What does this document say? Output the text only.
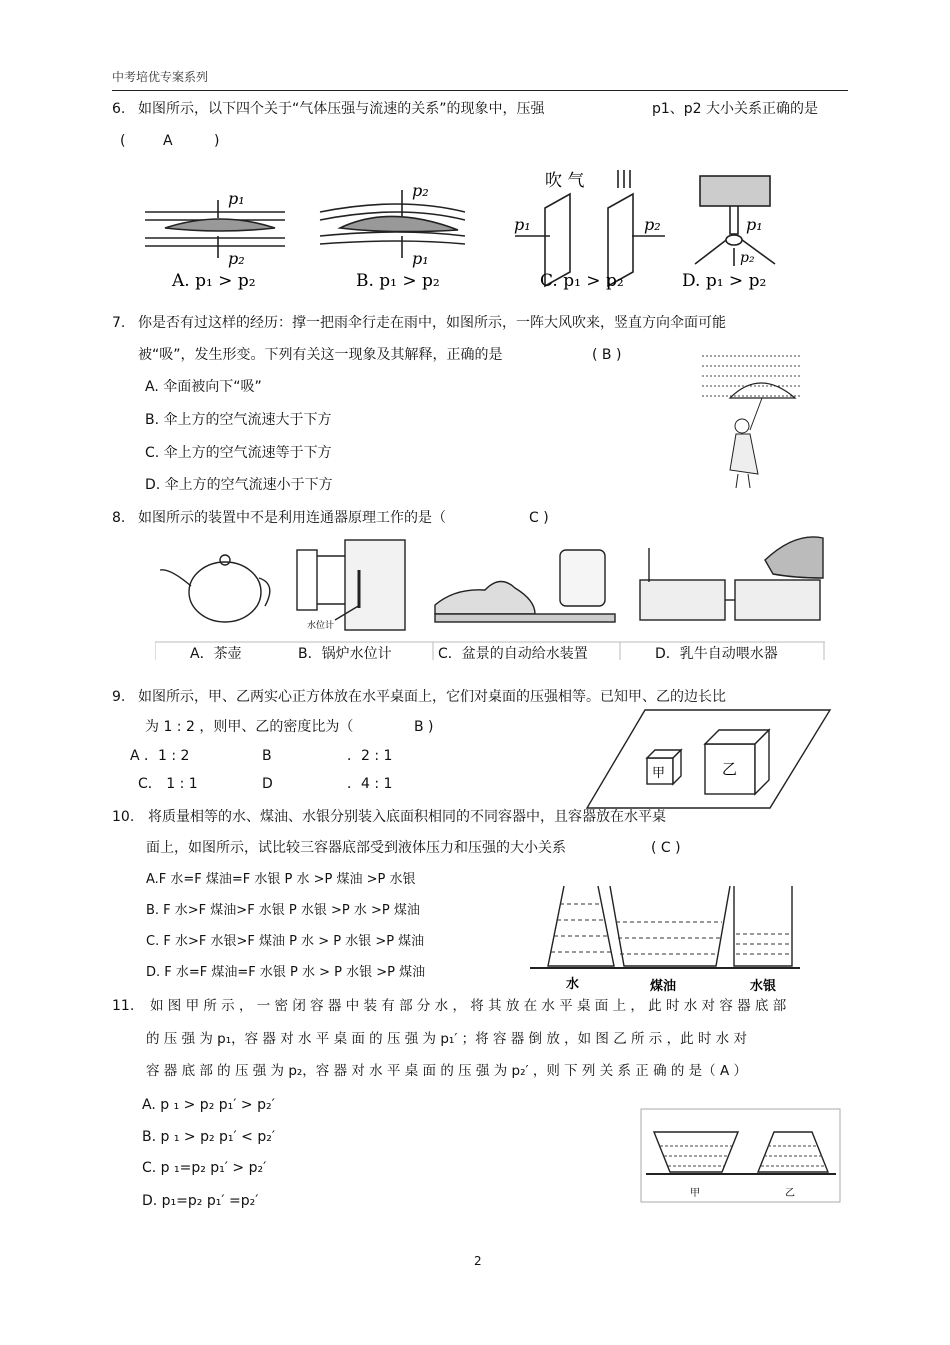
中考培优专案系列
6. 如图所示，以下四个关于“气体压强与流速的关系”的现象中，压强	p1、p2 大小关系正确的是
(	A	)
p₁
p₂
A. p₁ > p₂
p₂
p₁
B. p₁ > p₂
吹 气
p₁	p₂
C. p₁ > p₂
p₁
p₂
D. p₁ > p₂
7. 你是否有过这样的经历：撑一把雨伞行走在雨中，如图所示，一阵大风吹来，竖直方向伞面可能
被“吸”，发生形变。下列有关这一现象及其解释，正确的是	( B )
A. 伞面被向下“吸”
B. 伞上方的空气流速大于下方
C. 伞上方的空气流速等于下方
D. 伞上方的空气流速小于下方
8. 如图所示的装置中不是利用连通器原理工作的是（	C )
水位计
A．茶壶	B．锅炉水位计	C．盆景的自动给水装置	D．乳牛自动喂水器
9. 如图所示，甲、乙两实心正方体放在水平桌面上，它们对桌面的压强相等。已知甲、乙的边长比
为 1 : 2 ，则甲、乙的密度比为（	B )
A ．1 : 2	B	．2 : 1
C． 1 : 1	D	．4 : 1
甲	乙
10. 将质量相等的水、煤油、水银分别装入底面积相同的不同容器中，且容器放在水平桌
面上，如图所示，试比较三容器底部受到液体压力和压强的大小关系	( C )
A.F 水=F 煤油=F 水银 P 水 >P 煤油 >P 水银
B. F 水>F 煤油>F 水银 P 水银 >P 水 >P 煤油
C. F 水>F 水银>F 煤油 P 水 > P 水银 >P 煤油
D. F 水=F 煤油=F 水银 P 水 > P 水银 >P 煤油
水	煤油	水银
11. 如 图 甲 所 示 ， 一 密 闭 容 器 中 装 有 部 分 水 ， 将 其 放 在 水 平 桌 面 上 ， 此 时 水 对 容 器 底 部
的 压 强 为 p₁，容 器 对 水 平 桌 面 的 压 强 为 p₁′ ；将 容 器 倒 放 ，如 图 乙 所 示 ，此 时 水 对
容 器 底 部 的 压 强 为 p₂，容 器 对 水 平 桌 面 的 压 强 为 p₂′ ，则 下 列 关 系 正 确 的 是（ A ）
A. p ₁ > p₂ p₁′ > p₂′
B. p ₁ > p₂ p₁′ < p₂′
C. p ₁=p₂ p₁′ > p₂′
D. p₁=p₂ p₁′ =p₂′	甲	乙
2
